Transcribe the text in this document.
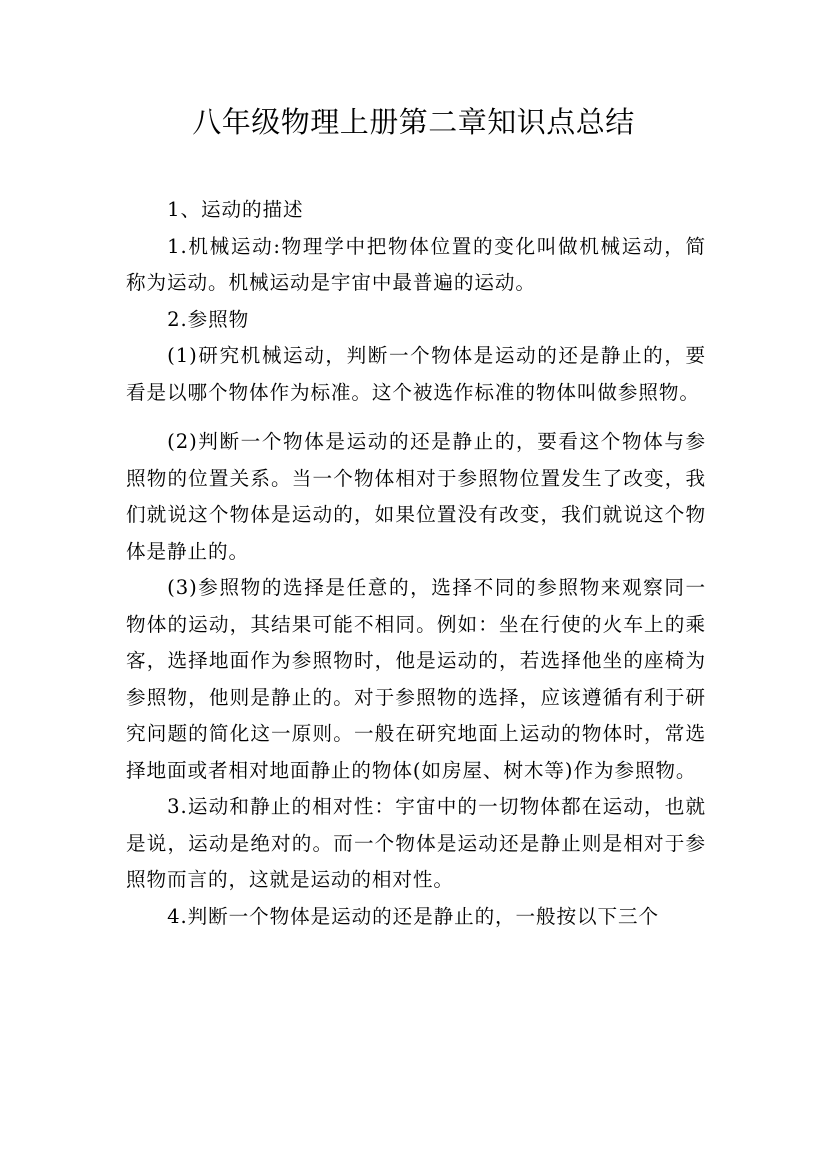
八年级物理上册第二章知识点总结

1、运动的描述

1.机械运动:物理学中把物体位置的变化叫做机械运动，简称为运动。机械运动是宇宙中最普遍的运动。

2.参照物

(1)研究机械运动，判断一个物体是运动的还是静止的，要看是以哪个物体作为标准。这个被选作标准的物体叫做参照物。

(2)判断一个物体是运动的还是静止的，要看这个物体与参照物的位置关系。当一个物体相对于参照物位置发生了改变，我们就说这个物体是运动的，如果位置没有改变，我们就说这个物体是静止的。

(3)参照物的选择是任意的，选择不同的参照物来观察同一物体的运动，其结果可能不相同。例如：坐在行使的火车上的乘客，选择地面作为参照物时，他是运动的，若选择他坐的座椅为参照物，他则是静止的。对于参照物的选择，应该遵循有利于研究问题的简化这一原则。一般在研究地面上运动的物体时，常选择地面或者相对地面静止的物体(如房屋、树木等)作为参照物。

3.运动和静止的相对性：宇宙中的一切物体都在运动，也就是说，运动是绝对的。而一个物体是运动还是静止则是相对于参照物而言的，这就是运动的相对性。

4.判断一个物体是运动的还是静止的，一般按以下三个
